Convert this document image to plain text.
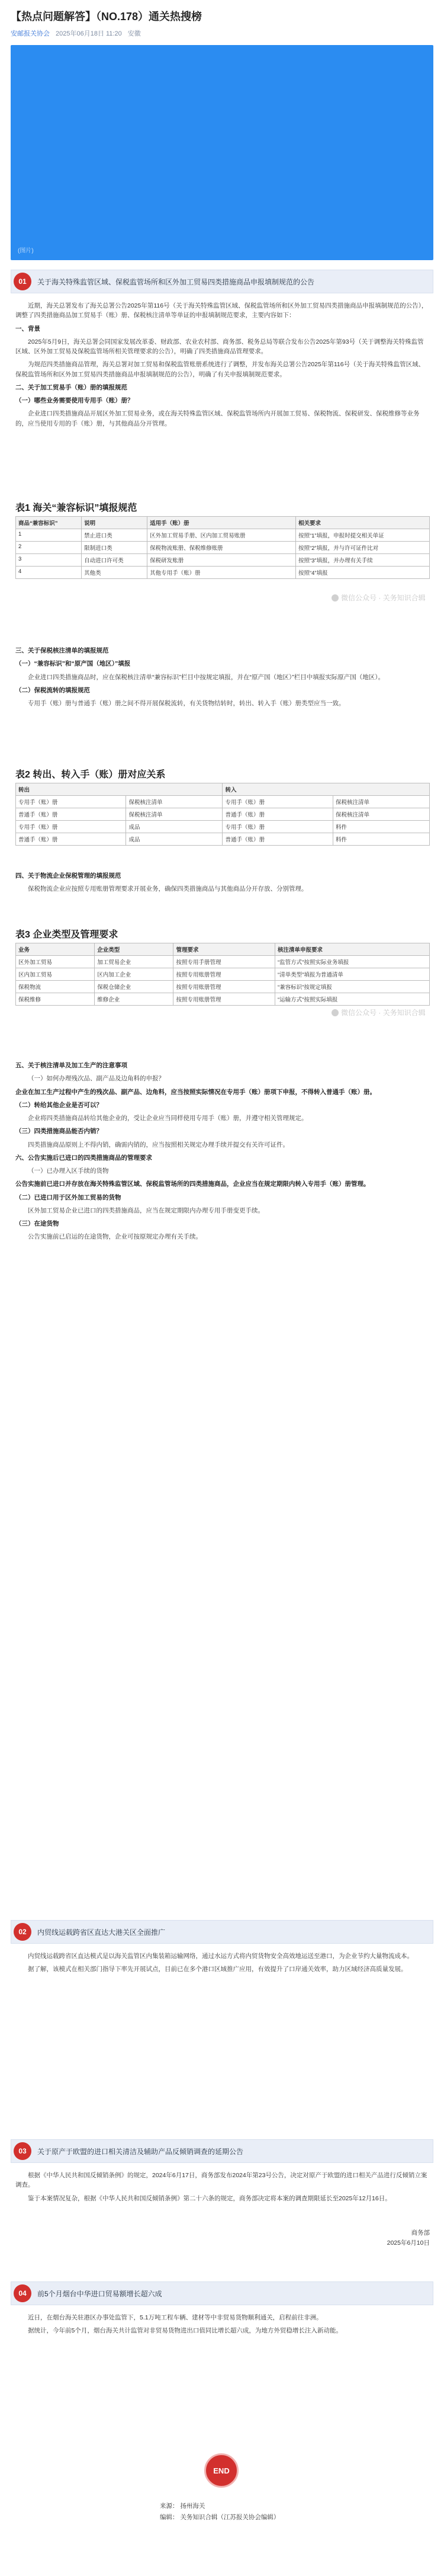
【热点问题解答】（NO.178）通关热搜榜
安邮报关协会 2025年06月18日 11:20 安徽
(图片)
01	关于海关特殊监管区域、保税监管场所和区外加工贸易四类措施商品申报填制规范的公告

近期，海关总署发布了海关总署公告2025年第116号（关于海关特殊监管区域、保税监管场所和区外加工贸易四类措施商品申报填制规范的公告），调整了四类措施商品加工贸易手（账）册、保税核注清单等单证的申报填制规范要求，主要内容如下：

一、背景

2025年5月9日，海关总署会同国家发展改革委、财政部、农业农村部、商务部、税务总局等联合发布公告2025年第93号（关于调整海关特殊监管区域、区外加工贸易及保税监管场所相关管理要求的公告），明确了四类措施商品管理要求。

为规范四类措施商品管理，海关总署对加工贸易和保税监管账册系统进行了调整，并发布海关总署公告2025年第116号（关于海关特殊监管区域、保税监管场所和区外加工贸易四类措施商品申报填制规范的公告），明确了有关申报填制规范要求。

二、关于加工贸易手（账）册的填报规范

（一）哪些业务需要使用专用手（账）册？

企业进口四类措施商品开展区外加工贸易业务，或在海关特殊监管区域、保税监管场所内开展加工贸易、保税物流、保税研发、保税维修等业务的，应当使用专用的手（账）册，与其他商品分开管理。

表1 海关“兼容标识”填报规范
商品“兼容标识”	说明	适用手（账）册	相关要求
1	禁止进口类	区外加工贸易手册、区内加工贸易账册	按照“1”填报，申报时提交相关单证
2	限制进口类	保税物流账册、保税维修账册	按照“2”填报，并与许可证件比对
3	自动进口许可类	保税研发账册	按照“3”填报，并办理有关手续
4	其他类	其他专用手（账）册	按照“4”填报
微信公众号 · 关务知识合辑

三、关于保税核注清单的填报规范

（一）“兼容标识”和“原产国（地区）”填报

企业进口四类措施商品时，应在保税核注清单“兼容标识”栏目中按规定填报，并在“原产国（地区）”栏目中填报实际原产国（地区）。

（二）保税流转的填报规范

专用手（账）册与普通手（账）册之间不得开展保税流转，有关货物结转时，转出、转入手（账）册类型应当一致。

表2 转出、转入手（账）册对应关系
转出		转入	
专用手（账）册	保税核注清单	专用手（账）册	保税核注清单
普通手（账）册	保税核注清单	普通手（账）册	保税核注清单
专用手（账）册	成品	专用手（账）册	料件
普通手（账）册	成品	普通手（账）册	料件

四、关于物流企业保税管理的填报规范

保税物流企业应按照专用账册管理要求开展业务，确保四类措施商品与其他商品分开存放、分别管理。

表3 企业类型及管理要求
业务	企业类型	管理要求	核注清单申报要求
区外加工贸易	加工贸易企业	按照专用手册管理	“监管方式”按照实际业务填报
区内加工贸易	区内加工企业	按照专用账册管理	“清单类型”填报为普通清单
保税物流	保税仓储企业	按照专用账册管理	“兼容标识”按规定填报
保税维修	维修企业	按照专用账册管理	“运输方式”按照实际填报
微信公众号 · 关务知识合辑

五、关于核注清单及加工生产的注意事项

（一）如何办理残次品、副产品及边角料的申报？

企业在加工生产过程中产生的残次品、副产品、边角料，应当按照实际情况在专用手（账）册项下申报，不得转入普通手（账）册。

（二）转给其他企业是否可以？

企业将四类措施商品转给其他企业的，受让企业应当同样使用专用手（账）册，并遵守相关管理规定。

（三）四类措施商品能否内销？

四类措施商品原则上不得内销，确需内销的，应当按照相关规定办理手续并提交有关许可证件。

六、公告实施后已进口的四类措施商品的管理要求

（一）已办理入区手续的货物

公告实施前已进口并存放在海关特殊监管区域、保税监管场所的四类措施商品，企业应当在规定期限内转入专用手（账）册管理。

（二）已进口用于区外加工贸易的货物

区外加工贸易企业已进口的四类措施商品，应当在规定期限内办理专用手册变更手续。

（三）在途货物

公告实施前已启运的在途货物，企业可按原规定办理有关手续。

02	内贸线运载跨省区直达大港关区全面推广

内贸线运载跨省区直达模式是以海关监管区内集装箱运输网络，通过水运方式将内贸货物安全高效地运送至港口，为企业节约大量物流成本。

据了解，该模式在相关部门指导下率先开展试点，目前已在多个港口区域推广应用，有效提升了口岸通关效率，助力区域经济高质量发展。

03	关于原产于欧盟的进口相关清洁及辅助产品反倾销调查的延期公告

根据《中华人民共和国反倾销条例》的规定，2024年6月17日，商务部发布2024年第23号公告，决定对原产于欧盟的进口相关产品进行反倾销立案调查。

鉴于本案情况复杂，根据《中华人民共和国反倾销条例》第二十六条的规定，商务部决定将本案的调查期限延长至2025年12月16日。

商务部
2025年6月10日
04	前5个月烟台中华进口贸易额增长超六成

近日，在烟台海关驻港区办事处监管下，5.1万吨工程车辆、建材等中非贸易货物顺利通关，启程前往非洲。

据统计，今年前5个月，烟台海关共计监管对非贸易货物进出口值同比增长超六成，为地方外贸稳增长注入新动能。

END
来源： 扬州海关
编辑： 关务知识合辑（江苏报关协会编辑）
